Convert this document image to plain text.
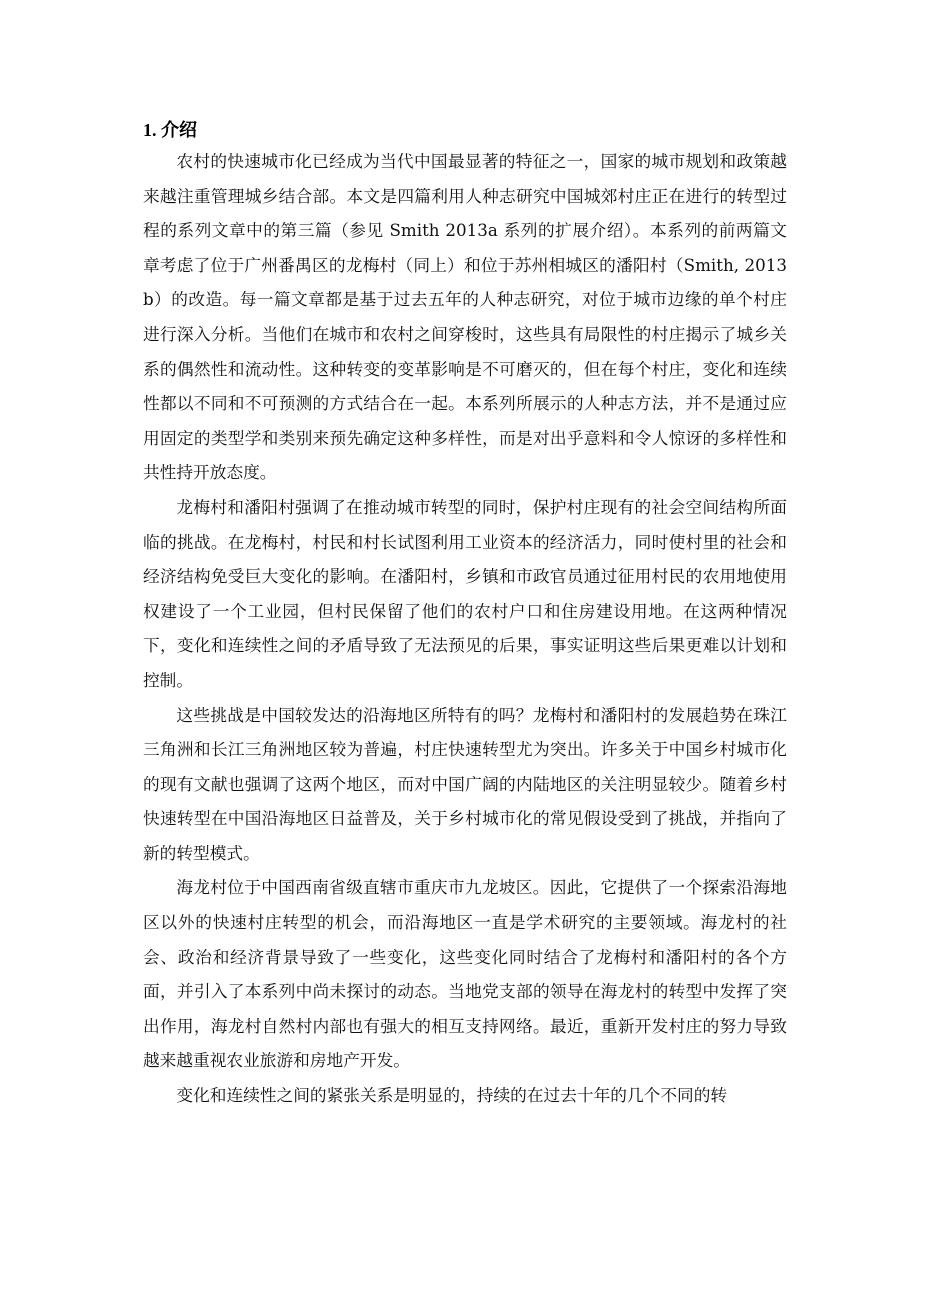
1. 介绍

农村的快速城市化已经成为当代中国最显著的特征之一，国家的城市规划和政策越来越注重管理城乡结合部。本文是四篇利用人种志研究中国城郊村庄正在进行的转型过程的系列文章中的第三篇（参见 Smith 2013a 系列的扩展介绍）。本系列的前两篇文章考虑了位于广州番禺区的龙梅村（同上）和位于苏州相城区的潘阳村（Smith, 2013b）的改造。每一篇文章都是基于过去五年的人种志研究，对位于城市边缘的单个村庄进行深入分析。当他们在城市和农村之间穿梭时，这些具有局限性的村庄揭示了城乡关系的偶然性和流动性。这种转变的变革影响是不可磨灭的，但在每个村庄，变化和连续性都以不同和不可预测的方式结合在一起。本系列所展示的人种志方法，并不是通过应用固定的类型学和类别来预先确定这种多样性，而是对出乎意料和令人惊讶的多样性和共性持开放态度。

龙梅村和潘阳村强调了在推动城市转型的同时，保护村庄现有的社会空间结构所面临的挑战。在龙梅村，村民和村长试图利用工业资本的经济活力，同时使村里的社会和经济结构免受巨大变化的影响。在潘阳村，乡镇和市政官员通过征用村民的农用地使用权建设了一个工业园，但村民保留了他们的农村户口和住房建设用地。在这两种情况下，变化和连续性之间的矛盾导致了无法预见的后果，事实证明这些后果更难以计划和控制。

这些挑战是中国较发达的沿海地区所特有的吗？龙梅村和潘阳村的发展趋势在珠江三角洲和长江三角洲地区较为普遍，村庄快速转型尤为突出。许多关于中国乡村城市化的现有文献也强调了这两个地区，而对中国广阔的内陆地区的关注明显较少。随着乡村快速转型在中国沿海地区日益普及，关于乡村城市化的常见假设受到了挑战，并指向了新的转型模式。

海龙村位于中国西南省级直辖市重庆市九龙坡区。因此，它提供了一个探索沿海地区以外的快速村庄转型的机会，而沿海地区一直是学术研究的主要领域。海龙村的社会、政治和经济背景导致了一些变化，这些变化同时结合了龙梅村和潘阳村的各个方面，并引入了本系列中尚未探讨的动态。当地党支部的领导在海龙村的转型中发挥了突出作用，海龙村自然村内部也有强大的相互支持网络。最近，重新开发村庄的努力导致越来越重视农业旅游和房地产开发。

变化和连续性之间的紧张关系是明显的，持续的在过去十年的几个不同的转
